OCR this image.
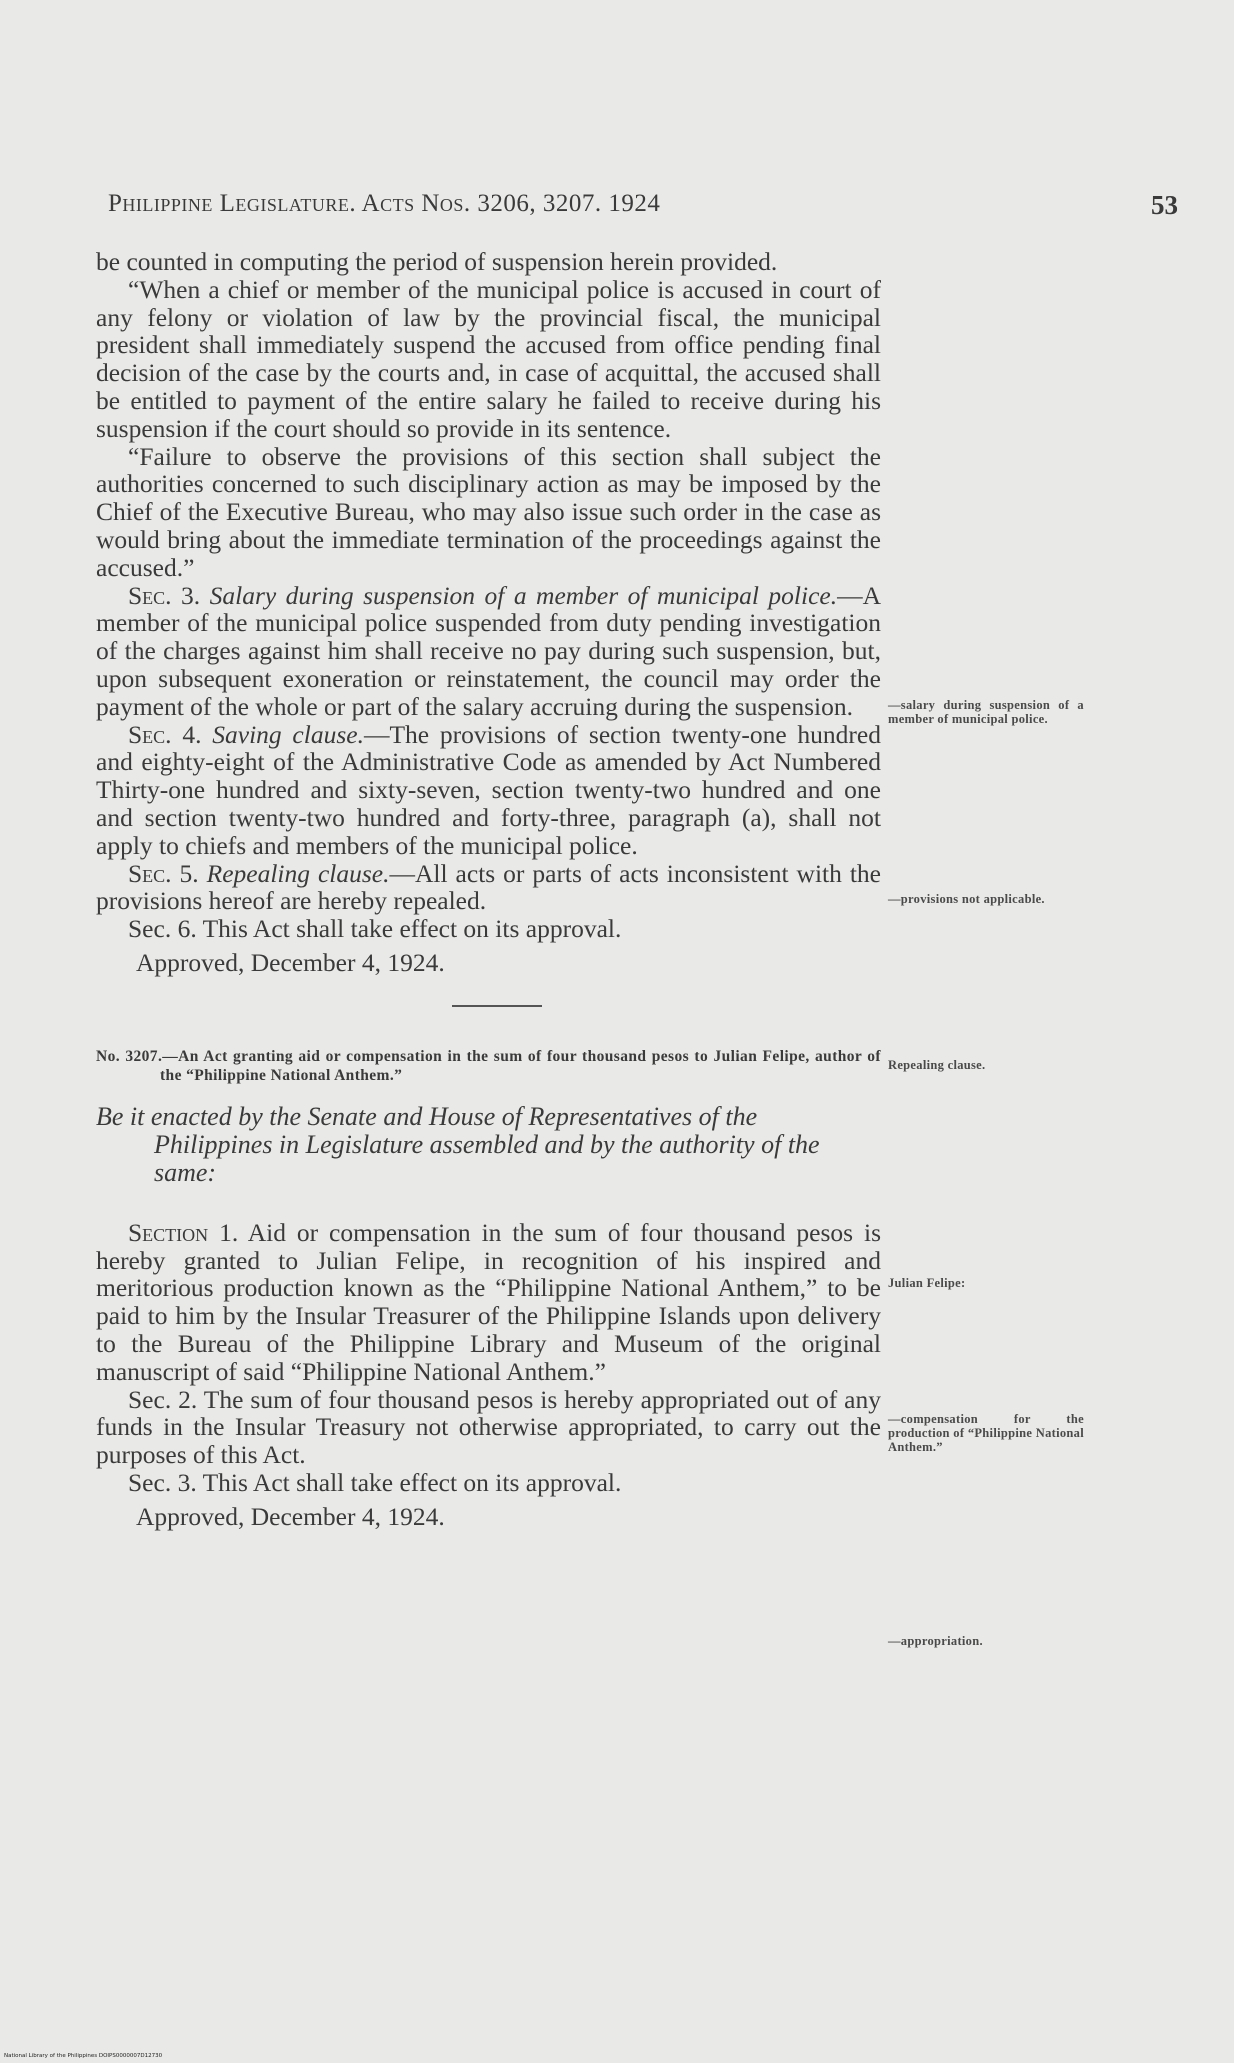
Philippine Legislature. Acts Nos. 3206, 3207. 1924	53

be counted in computing the period of suspension herein provided.

“When a chief or member of the municipal police is accused in court of any felony or violation of law by the provincial fiscal, the municipal president shall immediately suspend the accused from office pending final decision of the case by the courts and, in case of acquittal, the accused shall be entitled to payment of the entire salary he failed to receive during his suspension if the court should so provide in its sentence.

“Failure to observe the provisions of this section shall subject the authorities concerned to such disciplinary action as may be imposed by the Chief of the Executive Bureau, who may also issue such order in the case as would bring about the immediate termination of the proceedings against the accused.”

Sec. 3. Salary during suspension of a member of municipal police.—A member of the municipal police suspended from duty pending investigation of the charges against him shall receive no pay during such suspension, but, upon subsequent exoneration or reinstatement, the council may order the payment of the whole or part of the salary accruing during the suspension.

Sec. 4. Saving clause.—The provisions of section twenty-one hundred and eighty-eight of the Administrative Code as amended by Act Numbered Thirty-one hundred and sixty-seven, section twenty-two hundred and one and section twenty-two hundred and forty-three, paragraph (a), shall not apply to chiefs and members of the municipal police.

Sec. 5. Repealing clause.—All acts or parts of acts inconsistent with the provisions hereof are hereby repealed.

Sec. 6. This Act shall take effect on its approval.

Approved, December 4, 1924.

No. 3207.—An Act granting aid or compensation in the sum of four thousand pesos to Julian Felipe, author of the “Philippine National Anthem.”

Be it enacted by the Senate and House of Representatives of the Philippines in Legislature assembled and by the authority of the same:

Section 1. Aid or compensation in the sum of four thousand pesos is hereby granted to Julian Felipe, in recognition of his inspired and meritorious production known as the “Philippine National Anthem,” to be paid to him by the Insular Treasurer of the Philippine Islands upon delivery to the Bureau of the Philippine Library and Museum of the original manuscript of said “Philippine National Anthem.”

Sec. 2. The sum of four thousand pesos is hereby appropriated out of any funds in the Insular Treasury not otherwise appropriated, to carry out the purposes of this Act.

Sec. 3. This Act shall take effect on its approval.

Approved, December 4, 1924.

—salary during suspension of a member of municipal police.
—provisions not applicable.
Repealing clause.
Julian Felipe:
—compensation for the production of “Philippine National Anthem.”
—appropriation.
National Library of the Philippines DOIPS0000007D12730
